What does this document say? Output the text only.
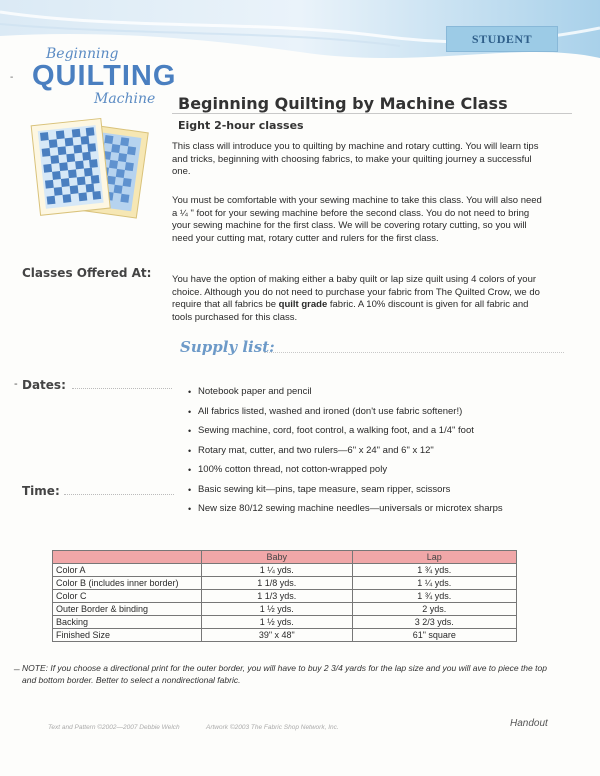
STUDENT
Beginning
QUILTING
Machine
-
Beginning Quilting by Machine Class
Eight 2-hour classes

This class will introduce you to quilting by machine and rotary cutting. You will learn tips and tricks, beginning with choosing fabrics, to make your quilting journey a successful one.

You must be comfortable with your sewing machine to take this class. You will also need a ¼ " foot for your sewing machine before the second class. You do not need to bring your sewing machine for the first class. We will be covering rotary cutting, so you will need your cutting mat, rotary cutter and rulers for the first class.

You have the option of making either a baby quilt or lap size quilt using 4 colors of your choice. Although you do not need to purchase your fabric from The Quilted Crow, we do require that all fabrics be quilt grade fabric. A 10% discount is given for all fabric and tools purchased for this class.

Classes Offered At:
Supply list:
- Dates:
Time:
• Notebook paper and pencil
• All fabrics listed, washed and ironed (don't use fabric softener!)
• Sewing machine, cord, foot control, a walking foot, and a 1/4" foot
• Rotary mat, cutter, and two rulers—6" x 24" and 6" x 12"
• 100% cotton thread, not cotton-wrapped poly
• Basic sewing kit—pins, tape measure, seam ripper, scissors
• New size 80/12 sewing machine needles—universals or microtex sharps
	Baby	Lap
Color A	1 ¼ yds.	1 ¾ yds.
Color B (includes inner border)	1 1/8 yds.	1 ¼ yds.
Color C	1 1/3 yds.	1 ¾ yds.
Outer Border & binding	1 ½ yds.	2 yds.
Backing	1 ½ yds.	3 2/3 yds.
Finished Size	39" x 48"	61" square
_ NOTE: If you choose a directional print for the outer border, you will have to buy 2 3/4 yards for the lap size and you will ave to piece the top and bottom border. Better to select a nondirectional fabric.

Text and Pattern ©2002—2007 Debbie Welch	Artwork ©2003 The Fabric Shop Network, Inc.	Handout
